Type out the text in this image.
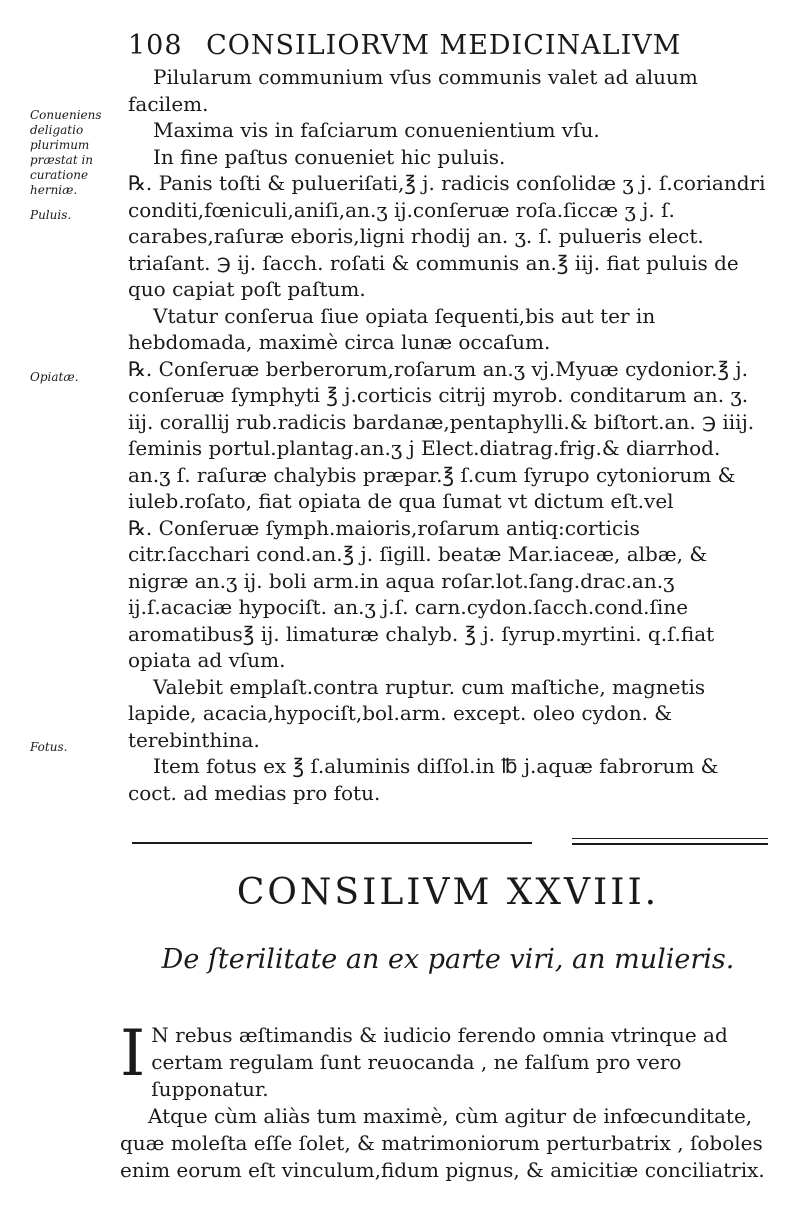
108 CONSILIORVM MEDICINALIVM
Conueniens deligatio plurimum præstat in curatione herniæ.
Puluis.
Opiatæ.
Fotus.

Pilularum communium vſus communis valet ad aluum facilem.

Maxima vis in faſciarum conuenientium vſu.

In fine paſtus conueniet hic puluis.

℞. Panis toſti & pulueriſati,℥ j. radicis conſolidæ ʒ j. ſ.coriandri conditi,fœniculi,aniſi,an.ʒ ij.conſeruæ roſa.ſiccæ ʒ j. ſ. carabes,raſuræ eboris,ligni rhodij an. ʒ. ſ. pulueris elect. triaſant. ℈ ij. ſacch. roſati & communis an.℥ iij. fiat puluis de quo capiat poſt paſtum.

Vtatur conſerua ſiue opiata ſequenti,bis aut ter in hebdomada, maximè circa lunæ occaſum.

℞. Conſeruæ berberorum,roſarum an.ʒ vj.Myuæ cydonior.℥ j. conſeruæ ſymphyti ℥ j.corticis citrij myrob. conditarum an. ʒ. iij. corallij rub.radicis bardanæ,pentaphylli.& biſtort.an. ℈ iiij. ſeminis portul.plantag.an.ʒ j Elect.diatrag.frig.& diarrhod. an.ʒ ſ. raſuræ chalybis præpar.℥ ſ.cum ſyrupo cytoniorum & iuleb.roſato, fiat opiata de qua ſumat vt dictum eſt.vel

℞. Conſeruæ ſymph.maioris,roſarum antiq:corticis citr.ſacchari cond.an.℥ j. ſigill. beatæ Mar.iaceæ, albæ, & nigræ an.ʒ ij. boli arm.in aqua roſar.lot.ſang.drac.an.ʒ ij.ſ.acaciæ hypociſt. an.ʒ j.ſ. carn.cydon.ſacch.cond.ſine aromatibus℥ ij. limaturæ chalyb. ℥ j. ſyrup.myrtini. q.ſ.fiat opiata ad vſum.

Valebit emplaſt.contra ruptur. cum maſtiche, magnetis lapide, acacia,hypociſt,bol.arm. except. oleo cydon. & terebinthina.

Item fotus ex ℥ ſ.aluminis diſſol.in ℔ j.aquæ fabrorum & coct. ad medias pro fotu.

CONSILIVM XXVIII.
De ſterilitate an ex parte viri, an mulieris.

I N rebus æſtimandis & iudicio ferendo omnia vtrinque ad certam regulam ſunt reuocanda , ne falſum pro vero ſupponatur.

Atque cùm aliàs tum maximè, cùm agitur de infœcunditate, quæ moleſta eſſe ſolet, & matrimoniorum perturbatrix , ſoboles enim eorum eſt vinculum,fidum pignus, & amicitiæ conciliatrix.
